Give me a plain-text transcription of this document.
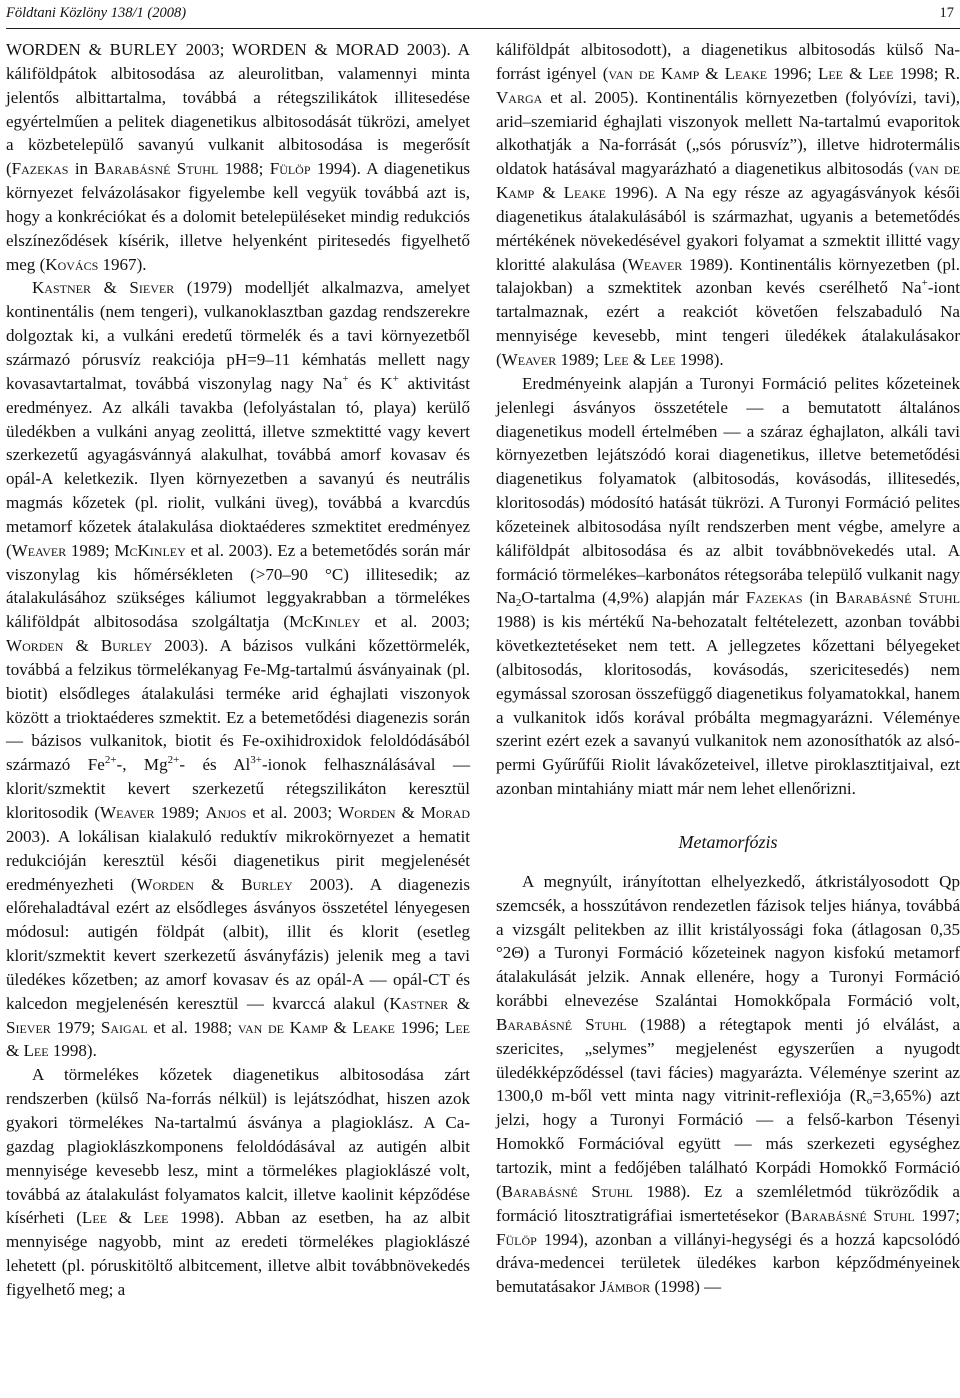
Földtani Közlöny 138/1 (2008)	17

WORDEN & BURLEY 2003; WORDEN & MORAD 2003). A káliföldpátok albitosodása az aleurolitban, valamennyi minta jelentős albittartalma, továbbá a rétegszilikátok illitesedése egyértelműen a pelitek diagenetikus albitosodását tükrözi, amelyet a közbetelepülő savanyú vulkanit albitosodása is megerősít (Fazekas in Barabásné Stuhl 1988; Fülöp 1994). A diagenetikus környezet felvázolásakor figyelembe kell vegyük továbbá azt is, hogy a konkréciókat és a dolomit betelepüléseket mindig redukciós elszíneződések kísérik, illetve helyenként piritesedés figyelhető meg (Kovács 1967).

Kastner & Siever (1979) modelljét alkalmazva, amelyet kontinentális (nem tengeri), vulkanoklasztban gazdag rendszerekre dolgoztak ki, a vulkáni eredetű törmelék és a tavi környezetből származó pórusvíz reakciója pH=9–11 kémhatás mellett nagy kovasavtartalmat, továbbá viszonylag nagy Na+ és K+ aktivitást eredményez. Az alkáli tavakba (lefolyástalan tó, playa) kerülő üledékben a vulkáni anyag zeolittá, illetve szmektitté vagy kevert szerkezetű agyagásvánnyá alakulhat, továbbá amorf kovasav és opál-A keletkezik. Ilyen környezetben a savanyú és neutrális magmás kőzetek (pl. riolit, vulkáni üveg), továbbá a kvarcdús metamorf kőzetek átalakulása dioktaéderes szmektitet eredményez (Weaver 1989; McKinley et al. 2003). Ez a betemetődés során már viszonylag kis hőmérsékleten (>70–90 °C) illitesedik; az átalakulásához szükséges káliumot leggyakrabban a törmelékes káliföldpát albitosodása szolgáltatja (McKinley et al. 2003; Worden & Burley 2003). A bázisos vulkáni kőzettörmelék, továbbá a felzikus törmelékanyag Fe-Mg-tartalmú ásványainak (pl. biotit) elsődleges átalakulási terméke arid éghajlati viszonyok között a trioktaéderes szmektit. Ez a betemetődési diagenezis során — bázisos vulkanitok, biotit és Fe-oxihidroxidok feloldódásából származó $Fe^{2+}-$, $Mg^{2+}-$ és $Al^{3+}$-ionok felhasználásával — klorit/szmektit kevert szerkezetű rétegszilikáton keresztül kloritosodik (Weaver 1989; Anjos et al. 2003; Worden & Morad 2003). A lokálisan kialakuló reduktív mikrokörnyezet a hematit redukcióján keresztül késői diagenetikus pirit megjelenését eredményezheti (Worden & Burley 2003). A diagenezis előrehaladtával ezért az elsődleges ásványos összetétel lényegesen módosul: autigén földpát (albit), illit és klorit (esetleg klorit/szmektit kevert szerkezetű ásványfázis) jelenik meg a tavi üledékes kőzetben; az amorf kovasav és az opál-A — opál-CT és kalcedon megjelenésén keresztül — kvarccá alakul (Kastner & Siever 1979; Saigal et al. 1988; van de Kamp & Leake 1996; Lee & Lee 1998).

A törmelékes kőzetek diagenetikus albitosodása zárt rendszerben (külső Na-forrás nélkül) is lejátszódhat, hiszen azok gyakori törmelékes Na-tartalmú ásványa a plagioklász. A Ca-gazdag plagioklászkomponens feloldódásával az autigén albit mennyisége kevesebb lesz, mint a törmelékes plagioklászé volt, továbbá az átalakulást folyamatos kalcit, illetve kaolinit képződése kísérheti (Lee & Lee 1998). Abban az esetben, ha az albit mennyisége nagyobb, mint az eredeti törmelékes plagioklászé lehetett (pl. póruskitöltő albitcement, illetve albit továbbnövekedés figyelhető meg; a

káliföldpát albitosodott), a diagenetikus albitosodás külső Na-forrást igényel (van de Kamp & Leake 1996; Lee & Lee 1998; R. Varga et al. 2005). Kontinentális környezetben (folyóvízi, tavi), arid–szemiarid éghajlati viszonyok mellett Na-tartalmú evaporitok alkothatják a Na-forrását („sós pórusvíz”), illetve hidrotermális oldatok hatásával magyarázható a diagenetikus albitosodás (van de Kamp & Leake 1996). A Na egy része az agyagásványok késői diagenetikus átalakulásából is származhat, ugyanis a betemetődés mértékének növekedésével gyakori folyamat a szmektit illitté vagy kloritté alakulása (Weaver 1989). Kontinentális környezetben (pl. talajokban) a szmektitek azonban kevés cserélhető Na+-iont tartalmaznak, ezért a reakciót követően felszabaduló Na mennyisége kevesebb, mint tengeri üledékek átalakulásakor (Weaver 1989; Lee & Lee 1998).

Eredményeink alapján a Turonyi Formáció pelites kőzeteinek jelenlegi ásványos összetétele — a bemutatott általános diagenetikus modell értelmében — a száraz éghajlaton, alkáli tavi környezetben lejátszódó korai diagenetikus, illetve betemetődési diagenetikus folyamatok (albitosodás, kovásodás, illitesedés, kloritosodás) módosító hatását tükrözi. A Turonyi Formáció pelites kőzeteinek albitosodása nyílt rendszerben ment végbe, amelyre a káliföldpát albitosodása és az albit továbbnövekedés utal. A formáció törmelékes–karbonátos rétegsorába települő vulkanit nagy $Na_2O$-tartalma (4,9%) alapján már Fazekas (in Barabásné Stuhl 1988) is kis mértékű Na-behozatalt feltételezett, azonban további következtetéseket nem tett. A jellegzetes kőzettani bélyegeket (albitosodás, kloritosodás, kovásodás, szericitesedés) nem egymással szorosan összefüggő diagenetikus folyamatokkal, hanem a vulkanitok idős korával próbálta megmagyarázni. Véleménye szerint ezért ezek a savanyú vulkanitok nem azonosíthatók az alsó-permi Gyűrűfűi Riolit lávakőzeteivel, illetve piroklasztitjaival, ezt azonban mintahiány miatt már nem lehet ellenőrizni.

Metamorfózis

A megnyúlt, irányítottan elhelyezkedő, átkristályosodott Qp szemcsék, a hosszútávon rendezetlen fázisok teljes hiánya, továbbá a vizsgált pelitekben az illit kristályossági foka (átlagosan 0,35 °2Θ) a Turonyi Formáció kőzeteinek nagyon kisfokú metamorf átalakulását jelzik. Annak ellenére, hogy a Turonyi Formáció korábbi elnevezése Szalántai Homokkőpala Formáció volt, Barabásné Stuhl (1988) a rétegtapok menti jó elválást, a szericites, „selymes” megjelenést egyszerűen a nyugodt üledékképződéssel (tavi fácies) magyarázta. Véleménye szerint az 1300,0 m-ből vett minta nagy vitrinit-reflexiója $(R_o=3,65\%)$ azt jelzi, hogy a Turonyi Formáció — a felső-karbon Tésenyi Homokkő Formációval együtt — más szerkezeti egységhez tartozik, mint a fedőjében található Korpádi Homokkő Formáció (Barabásné Stuhl 1988). Ez a szemléletmód tükröződik a formáció litosztratigráfiai ismertetésekor (Barabásné Stuhl 1997; Fülöp 1994), azonban a villányi-hegységi és a hozzá kapcsolódó dráva-medencei területek üledékes karbon képződményeinek bemutatásakor Jámbor (1998) —
